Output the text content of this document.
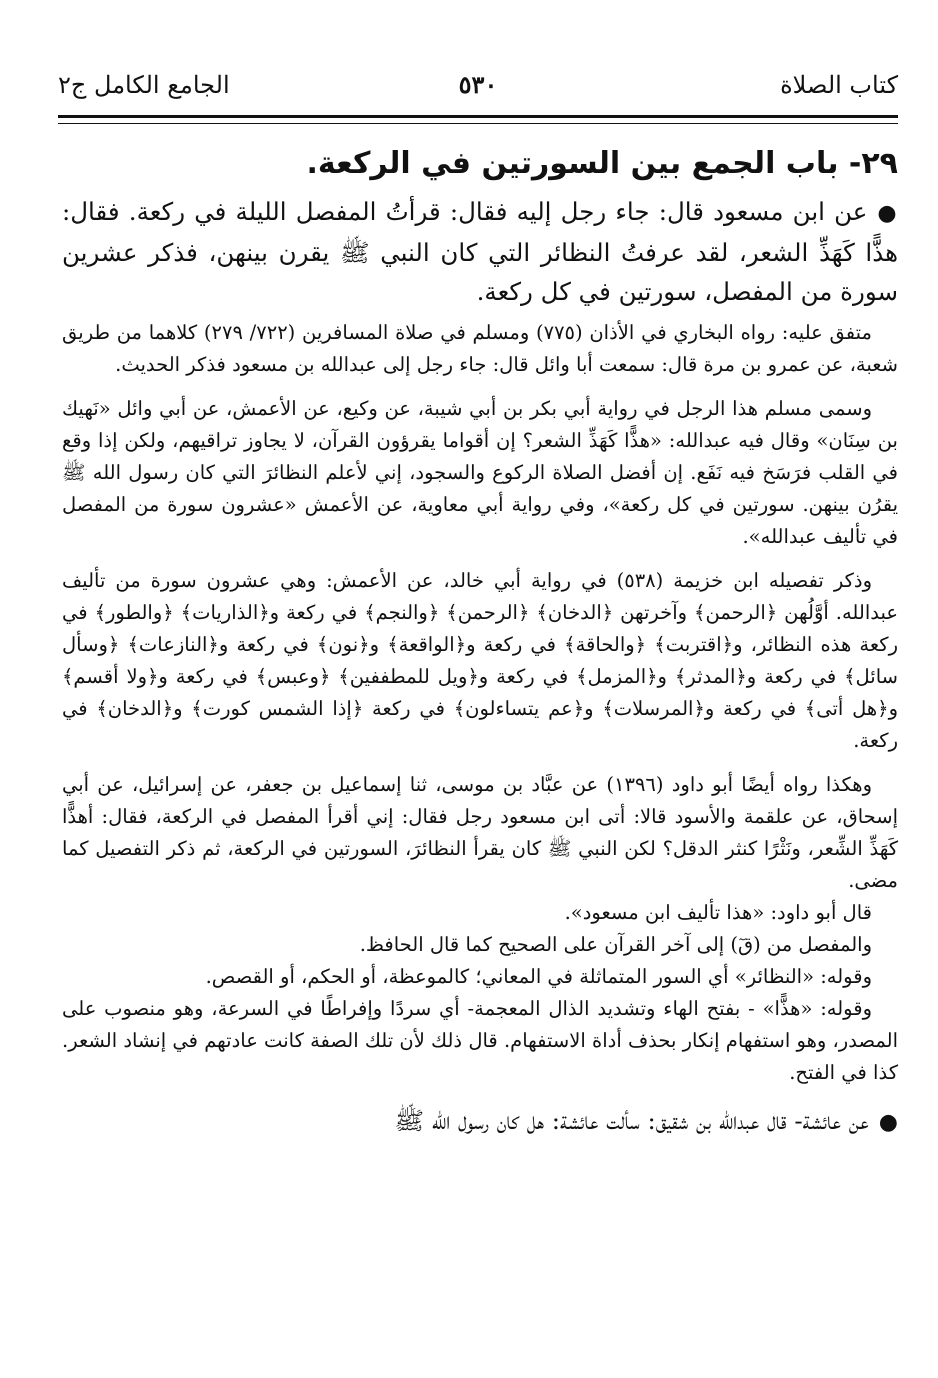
كتاب الصلاة
٥٣٠
الجامع الكامل ج٢
٢٩- باب الجمع بين السورتين في الركعة.

●عن ابن مسعود قال: جاء رجل إليه فقال: قرأتُ المفصل الليلة في ركعة. فقال: هذًّا كَهَذِّ الشعر، لقد عرفتُ النظائر التي كان النبي ﷺ يقرن بينهن، فذكر عشرين سورة من المفصل، سورتين في كل ركعة.

متفق عليه: رواه البخاري في الأذان (٧٧٥) ومسلم في صلاة المسافرين (٧٢٢/ ٢٧٩) كلاهما من طريق شعبة، عن عمرو بن مرة قال: سمعت أبا وائل قال: جاء رجل إلى عبدالله بن مسعود فذكر الحديث.

وسمى مسلم هذا الرجل في رواية أبي بكر بن أبي شيبة، عن وكيع، عن الأعمش، عن أبي وائل «نَهيك بن سِنَان» وقال فيه عبدالله: «هذًّا كَهَذِّ الشعر؟ إن أقواما يقرؤون القرآن، لا يجاوز تراقيهم، ولكن إذا وقع في القلب فرَسَخ فيه نَفَع. إن أفضل الصلاة الركوع والسجود، إني لأعلم النظائرَ التي كان رسول الله ﷺ يقرُن بينهن. سورتين في كل ركعة»، وفي رواية أبي معاوية، عن الأعمش «عشرون سورة من المفصل في تأليف عبدالله».

وذكر تفصيله ابن خزيمة (٥٣٨) في رواية أبي خالد، عن الأعمش: وهي عشرون سورة من تأليف عبدالله. أوَّلُهن ﴿الرحمن﴾ وآخرتهن ﴿الدخان﴾ ﴿الرحمن﴾ ﴿والنجم﴾ في ركعة و﴿الذاريات﴾ ﴿والطور﴾ في ركعة هذه النظائر، و﴿اقتربت﴾ ﴿والحاقة﴾ في ركعة و﴿الواقعة﴾ و﴿نون﴾ في ركعة و﴿النازعات﴾ ﴿وسأل سائل﴾ في ركعة و﴿المدثر﴾ و﴿المزمل﴾ في ركعة و﴿ويل للمطففين﴾ ﴿وعبس﴾ في ركعة و﴿ولا أقسم﴾ و﴿هل أتى﴾ في ركعة و﴿المرسلات﴾ و﴿عم يتساءلون﴾ في ركعة ﴿إذا الشمس كورت﴾ و﴿الدخان﴾ في ركعة.

وهكذا رواه أيضًا أبو داود (١٣٩٦) عن عبَّاد بن موسى، ثنا إسماعيل بن جعفر، عن إسرائيل، عن أبي إسحاق، عن علقمة والأسود قالا: أتى ابن مسعود رجل فقال: إني أقرأ المفصل في الركعة، فقال: أهذًّا كَهَذِّ الشِّعر، ونَثْرًا كنثر الدقل؟ لكن النبي ﷺ كان يقرأ النظائرَ، السورتين في الركعة، ثم ذكر التفصيل كما مضى.

قال أبو داود: «هذا تأليف ابن مسعود».

والمفصل من (قٓ) إلى آخر القرآن على الصحيح كما قال الحافظ.

وقوله: «النظائر» أي السور المتماثلة في المعاني؛ كالموعظة، أو الحكم، أو القصص.

وقوله: «هذًّا» - بفتح الهاء وتشديد الذال المعجمة- أي سردًا وإفراطًا في السرعة، وهو منصوب على المصدر، وهو استفهام إنكار بحذف أداة الاستفهام. قال ذلك لأن تلك الصفة كانت عادتهم في إنشاد الشعر. كذا في الفتح.

●عن عائشة- قال عبدالله بن شقيق: سألت عائشة: هل كان رسول الله ﷺ
